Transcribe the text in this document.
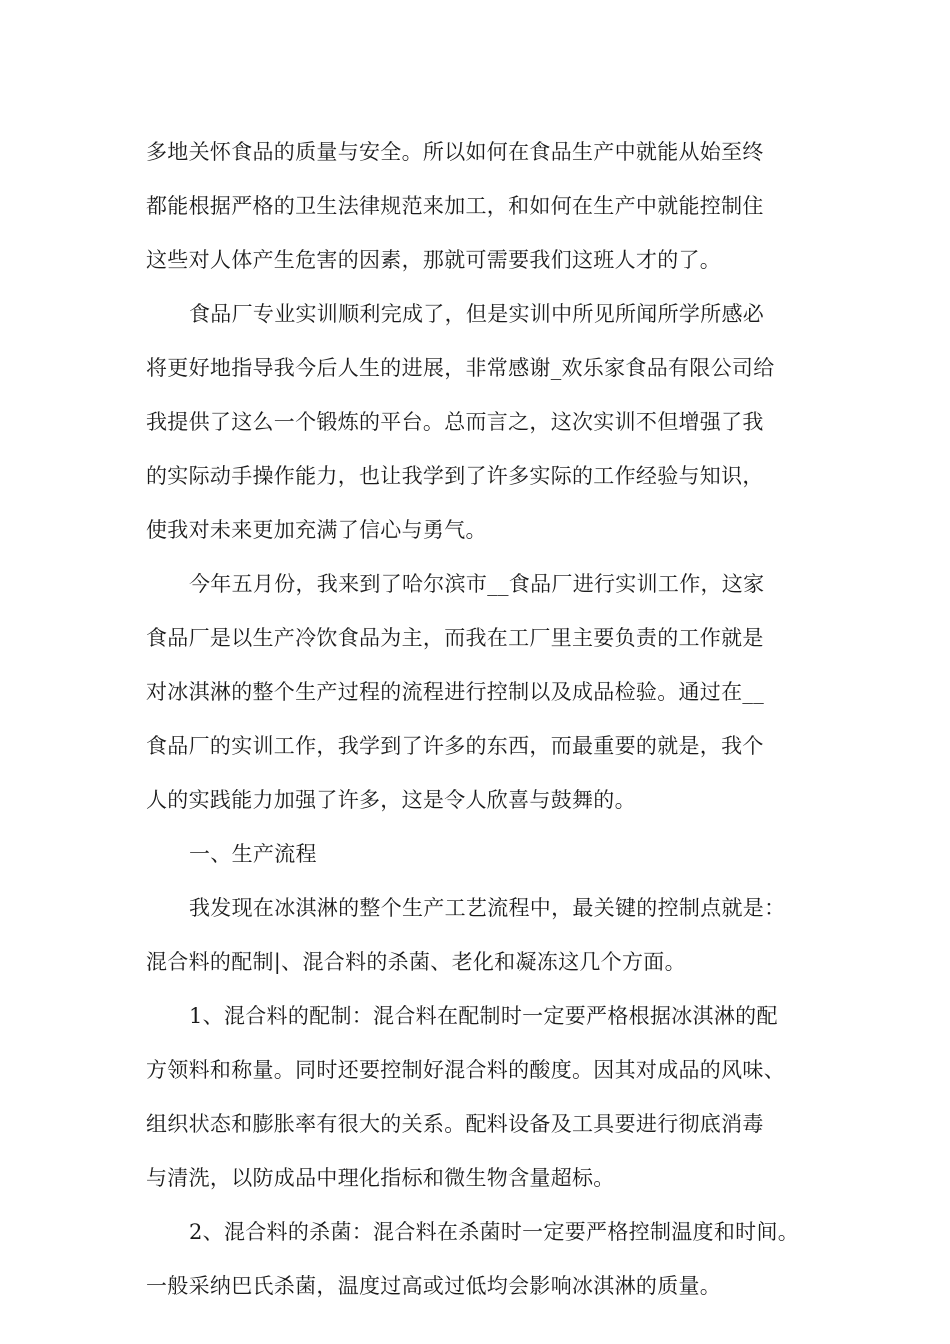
多地关怀食品的质量与安全。所以如何在食品生产中就能从始至终
都能根据严格的卫生法律规范来加工，和如何在生产中就能控制住
这些对人体产生危害的因素，那就可需要我们这班人才的了。
食品厂专业实训顺利完成了，但是实训中所见所闻所学所感必
将更好地指导我今后人生的进展，非常感谢_欢乐家食品有限公司给
我提供了这么一个锻炼的平台。总而言之，这次实训不但增强了我
的实际动手操作能力，也让我学到了许多实际的工作经验与知识，
使我对未来更加充满了信心与勇气。
今年五月份，我来到了哈尔滨市__食品厂进行实训工作，这家
食品厂是以生产冷饮食品为主，而我在工厂里主要负责的工作就是
对冰淇淋的整个生产过程的流程进行控制以及成品检验。通过在__
食品厂的实训工作，我学到了许多的东西，而最重要的就是，我个
人的实践能力加强了许多，这是令人欣喜与鼓舞的。
一、生产流程
我发现在冰淇淋的整个生产工艺流程中，最关键的控制点就是：
混合料的配制|、混合料的杀菌、老化和凝冻这几个方面。
1、混合料的配制：混合料在配制时一定要严格根据冰淇淋的配
方领料和称量。同时还要控制好混合料的酸度。因其对成品的风味、
组织状态和膨胀率有很大的关系。配料设备及工具要进行彻底消毒
与清洗，以防成品中理化指标和微生物含量超标。
2、混合料的杀菌：混合料在杀菌时一定要严格控制温度和时间。
一般采纳巴氏杀菌，温度过高或过低均会影响冰淇淋的质量。
